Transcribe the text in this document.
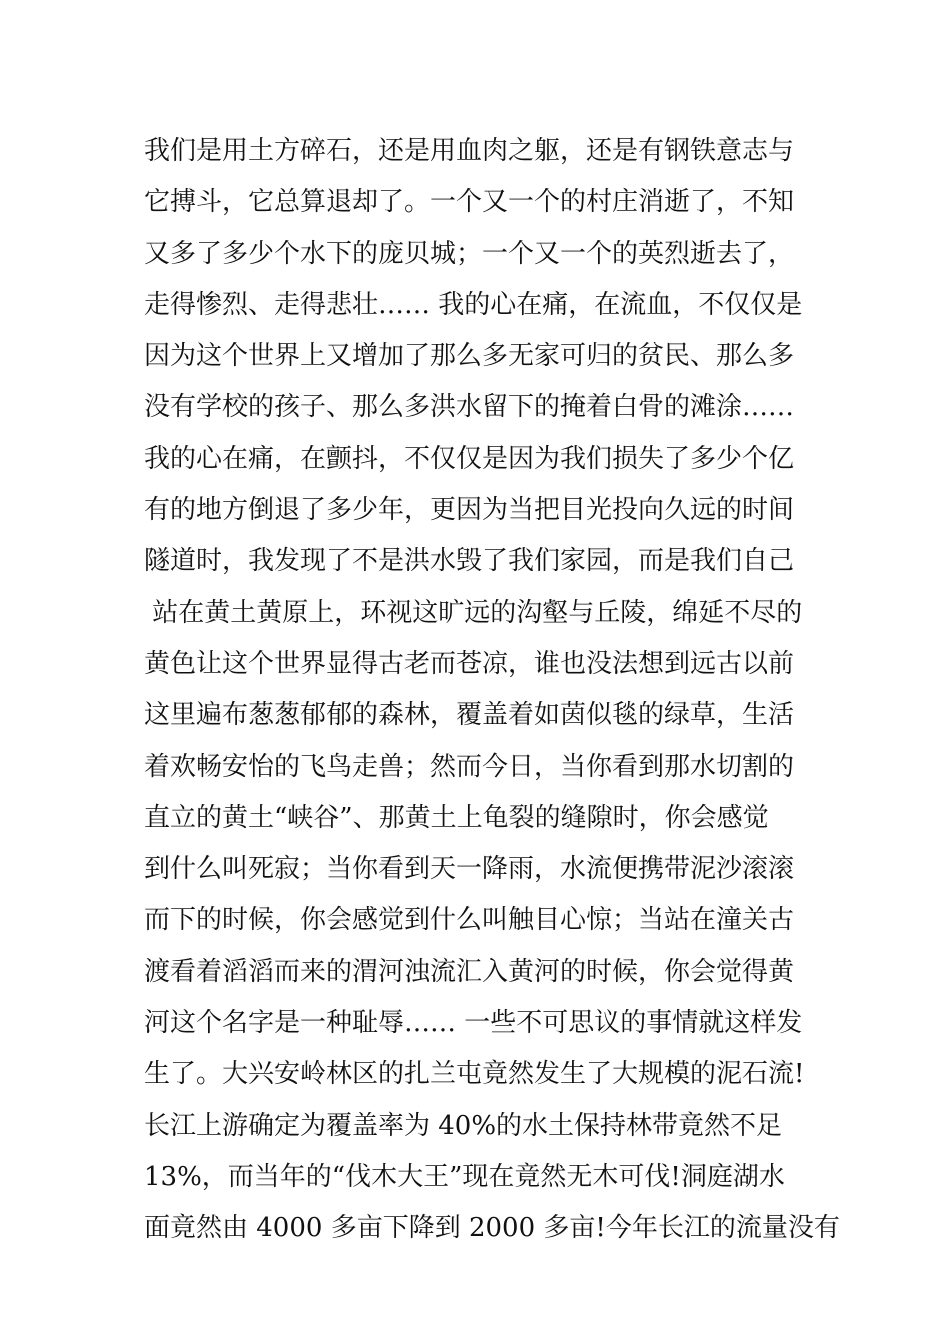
我们是用土方碎石，还是用血肉之躯，还是有钢铁意志与
它搏斗，它总算退却了。一个又一个的村庄消逝了，不知
又多了多少个水下的庞贝城；一个又一个的英烈逝去了，
走得惨烈、走得悲壮…… 我的心在痛，在流血，不仅仅是
因为这个世界上又增加了那么多无家可归的贫民、那么多
没有学校的孩子、那么多洪水留下的掩着白骨的滩涂……
我的心在痛，在颤抖，不仅仅是因为我们损失了多少个亿
有的地方倒退了多少年，更因为当把目光投向久远的时间
隧道时，我发现了不是洪水毁了我们家园，而是我们自己
站在黄土黄原上，环视这旷远的沟壑与丘陵，绵延不尽的
黄色让这个世界显得古老而苍凉，谁也没法想到远古以前
这里遍布葱葱郁郁的森林，覆盖着如茵似毯的绿草，生活
着欢畅安怡的飞鸟走兽；然而今日，当你看到那水切割的
直立的黄土“峡谷”、那黄土上龟裂的缝隙时，你会感觉
到什么叫死寂；当你看到天一降雨，水流便携带泥沙滚滚
而下的时候，你会感觉到什么叫触目心惊；当站在潼关古
渡看着滔滔而来的渭河浊流汇入黄河的时候，你会觉得黄
河这个名字是一种耻辱…… 一些不可思议的事情就这样发
生了。大兴安岭林区的扎兰屯竟然发生了大规模的泥石流!
长江上游确定为覆盖率为 40%的水土保持林带竟然不足
13%，而当年的“伐木大王”现在竟然无木可伐!洞庭湖水
面竟然由 4000 多亩下降到 2000 多亩!今年长江的流量没有
